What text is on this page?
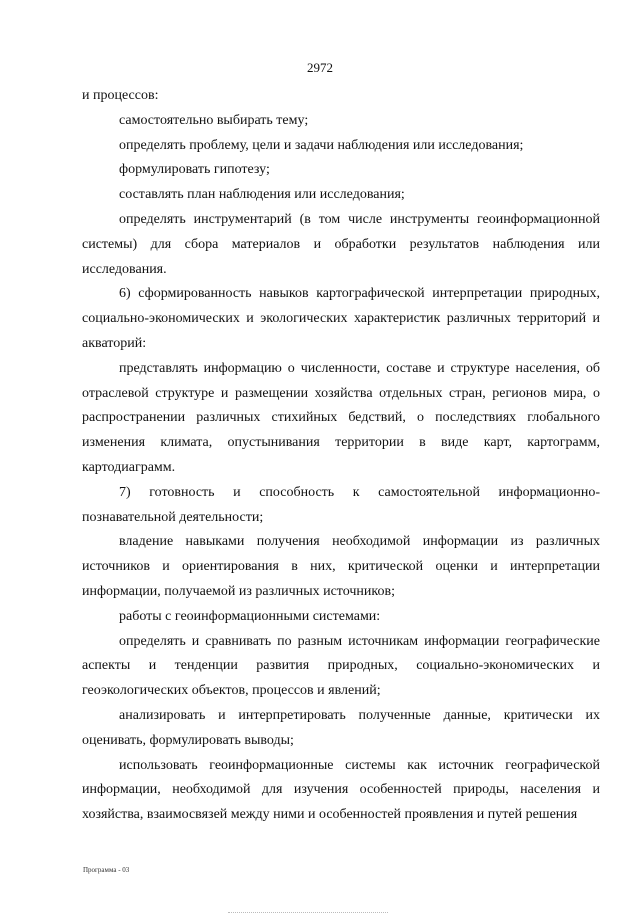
2972

и процессов:

самостоятельно выбирать тему;

определять проблему, цели и задачи наблюдения или исследования;

формулировать гипотезу;

составлять план наблюдения или исследования;

определять инструментарий (в том числе инструменты геоинформационной системы) для сбора материалов и обработки результатов наблюдения или исследования.

6) сформированность навыков картографической интерпретации природных, социально-экономических и экологических характеристик различных территорий и акваторий:

представлять информацию о численности, составе и структуре населения, об отраслевой структуре и размещении хозяйства отдельных стран, регионов мира, о распространении различных стихийных бедствий, о последствиях глобального изменения климата, опустынивания территории в виде карт, картограмм, картодиаграмм.

7) готовность и способность к самостоятельной информационно-познавательной деятельности;

владение навыками получения необходимой информации из различных источников и ориентирования в них, критической оценки и интерпретации информации, получаемой из различных источников;

работы с геоинформационными системами:

определять и сравнивать по разным источникам информации географические аспекты и тенденции развития природных, социально-экономических и геоэкологических объектов, процессов и явлений;

анализировать и интерпретировать полученные данные, критически их оценивать, формулировать выводы;

использовать геоинформационные системы как источник географической информации, необходимой для изучения особенностей природы, населения и хозяйства, взаимосвязей между ними и особенностей проявления и путей решения

Программа - 03
